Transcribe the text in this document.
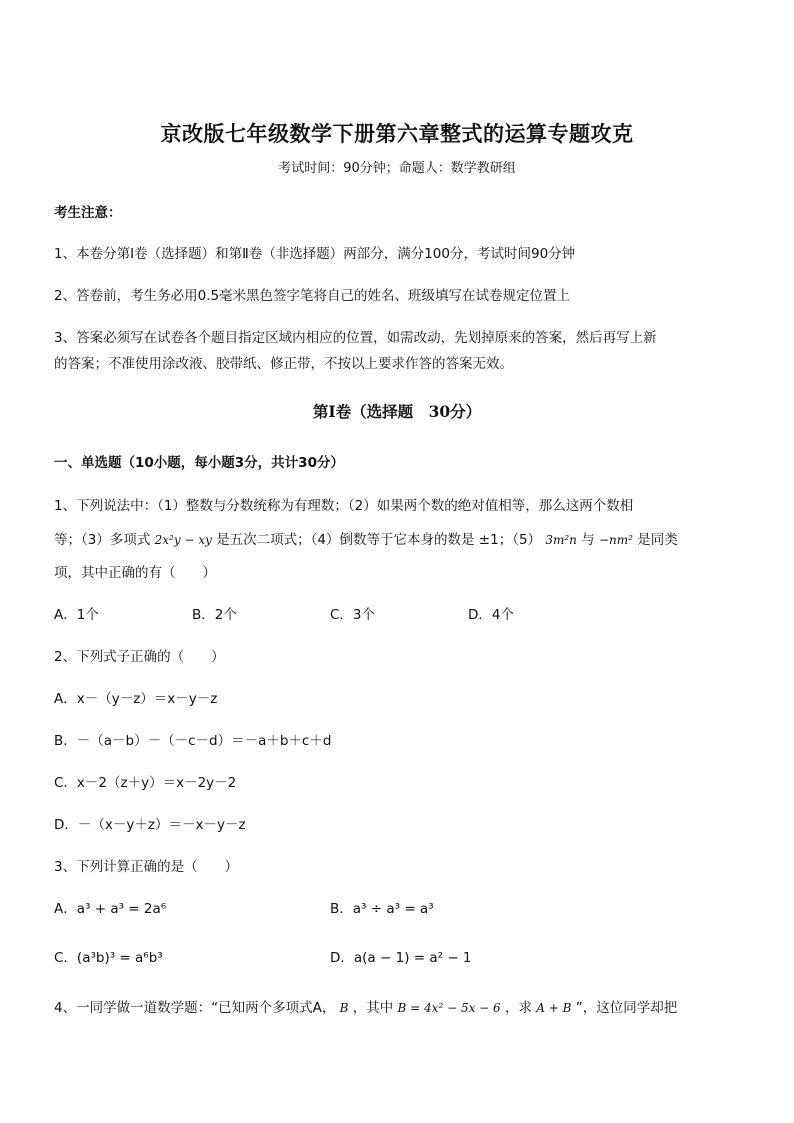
京改版七年级数学下册第六章整式的运算专题攻克
考试时间：90分钟；命题人：数学教研组
考生注意：
1、本卷分第Ⅰ卷（选择题）和第Ⅱ卷（非选择题）两部分，满分100分，考试时间90分钟
2、答卷前，考生务必用0.5毫米黑色签字笔将自己的姓名、班级填写在试卷规定位置上
3、答案必须写在试卷各个题目指定区域内相应的位置，如需改动，先划掉原来的答案，然后再写上新
的答案；不准使用涂改液、胶带纸、修正带，不按以上要求作答的答案无效。
第Ⅰ卷（选择题　30分）
一、单选题（10小题，每小题3分，共计30分）
1、下列说法中：（1）整数与分数统称为有理数；（2）如果两个数的绝对值相等，那么这两个数相
等；（3）多项式 2x²y − xy 是五次二项式；（4）倒数等于它本身的数是 ±1；（5） 3m²n 与 −nm² 是同类
项，其中正确的有（　　）
A．1个	B．2个	C．3个	D．4个
2、下列式子正确的（　　）
A．x－（y－z）＝x－y－z
B．－（a－b）－（－c－d）＝－a＋b＋c＋d
C．x－2（z＋y）＝x－2y－2
D．－（x－y＋z）＝－x－y－z
3、下列计算正确的是（　　）
A．a³ + a³ = 2a⁶	B．a³ ÷ a³ = a³
C．(a³b)³ = a⁶b³	D．a(a − 1) = a² − 1
4、一同学做一道数学题：“已知两个多项式A， B ，其中 B = 4x² − 5x − 6 ，求 A + B ”，这位同学却把
